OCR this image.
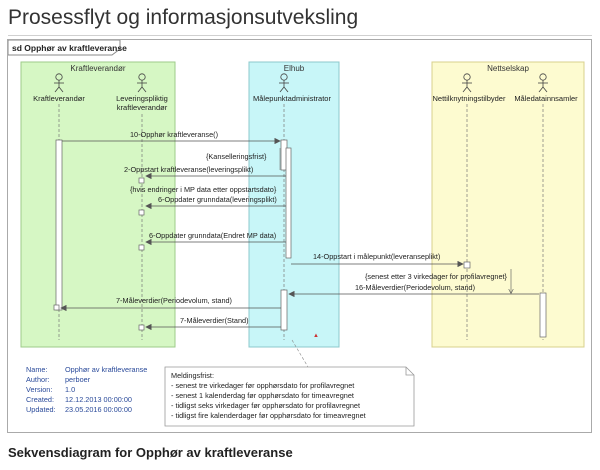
Prosessflyt og informasjonsutveksling
sd Opphør av kraftleveranse
Kraftleverandør	Elhub	Nettselskap
Kraftleverandør	Leveringspliktig
kraftleverandør
Målepunktadministrator	Nettilknytningstilbyder Måledatainnsamler
10-Opphør kraftleveranse()
{Kanselleringsfrist}
2-Oppstart kraftleveranse(leveringsplikt)
{hvis endringer i MP data etter oppstartsdato}
6-Oppdater grunndata(leveringsplikt)
6-Oppdater grunndata(Endret MP data)
14-Oppstart i målepunkt(leveranseplikt)
{senest etter 3 virkedager for profilavregnet}
16-Måleverdier(Periodevolum, stand)
7-Måleverdier(Periodevolum, stand)
7-Måleverdier(Stand)
▲
Meldingsfrist:
- senest tre virkedager før opphørsdato for profilavregnet
- senest 1 kalenderdag før opphørsdato for timeavregnet
- tidligst seks virkedager før opphørsdato for profilavregnet
- tidligst fire kalenderdager før opphørsdato for timeavregnet
Name: Opphør av kraftleveranse
Author: perboer
Version: 1.0
Created: 12.12.2013 00:00:00
Updated: 23.05.2016 00:00:00
Sekvensdiagram for Opphør av kraftleveranse
